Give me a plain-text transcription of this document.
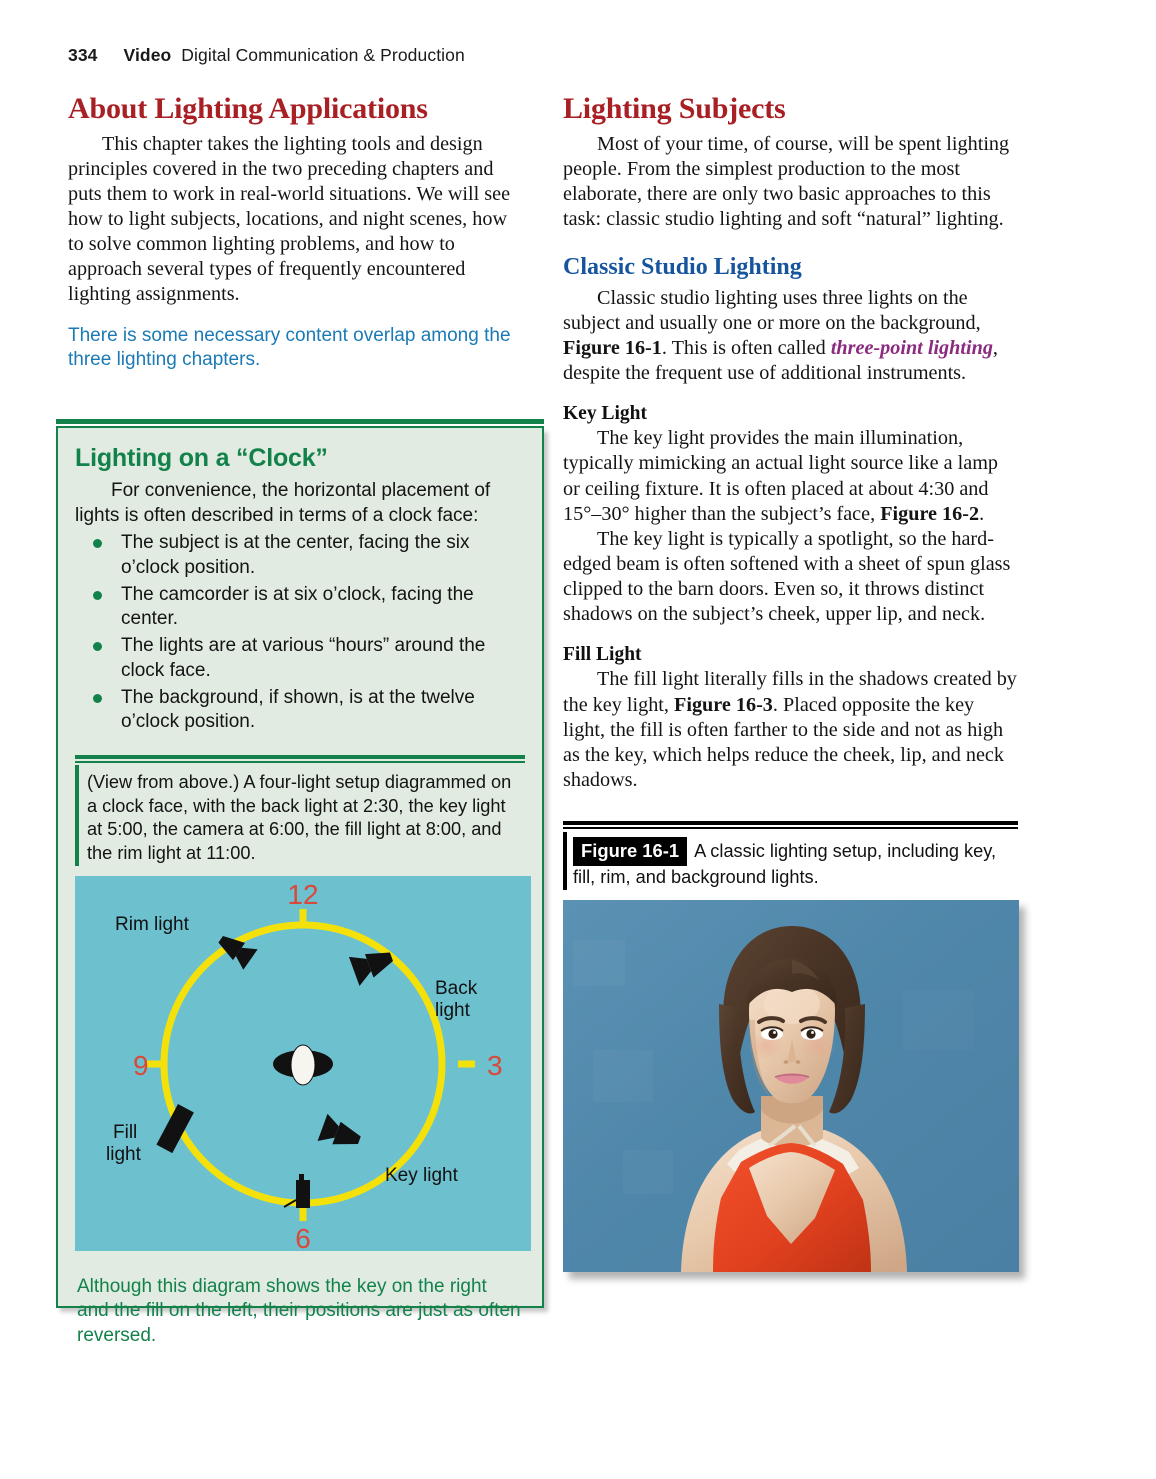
334 Video Digital Communication & Production
About Lighting Applications

This chapter takes the lighting tools and design principles covered in the two preceding chapters and puts them to work in real-world situations. We will see how to light subjects, locations, and night scenes, how to solve common lighting problems, and how to approach several types of frequently encountered lighting assignments.

There is some necessary content overlap among the three lighting chapters.

Lighting on a “Clock”

For convenience, the horizontal placement of lights is often described in terms of a clock face:

The subject is at the center, facing the six o’clock position.
The camcorder is at six o’clock, facing the center.
The lights are at various “hours” around the clock face.
The background, if shown, is at the twelve o’clock position.
(View from above.) A four-light setup diagrammed on a clock face, with the back light at 2:30, the key light at 5:00, the camera at 6:00, the fill light at 8:00, and the rim light at 11:00.
12
3
6
9
Rim light
Back
light
Fill
light
Key light

Although this diagram shows the key on the right and the fill on the left, their positions are just as often reversed.

Lighting Subjects

Most of your time, of course, will be spent lighting people. From the simplest production to the most elaborate, there are only two basic approaches to this task: classic studio lighting and soft “natural” lighting.

Classic Studio Lighting

Classic studio lighting uses three lights on the subject and usually one or more on the background, Figure 16-1. This is often called three-point lighting, despite the frequent use of additional instruments.

Key Light

The key light provides the main illumination, typically mimicking an actual light source like a lamp or ceiling fixture. It is often placed at about 4:30 and 15°–30° higher than the subject’s face, Figure 16-2.

The key light is typically a spotlight, so the hard-edged beam is often softened with a sheet of spun glass clipped to the barn doors. Even so, it throws distinct shadows on the subject’s cheek, upper lip, and neck.

Fill Light

The fill light literally fills in the shadows created by the key light, Figure 16-3. Placed opposite the key light, the fill is often farther to the side and not as high as the key, which helps reduce the cheek, lip, and neck shadows.

Figure 16-1 A classic lighting setup, including key, fill, rim, and background lights.
